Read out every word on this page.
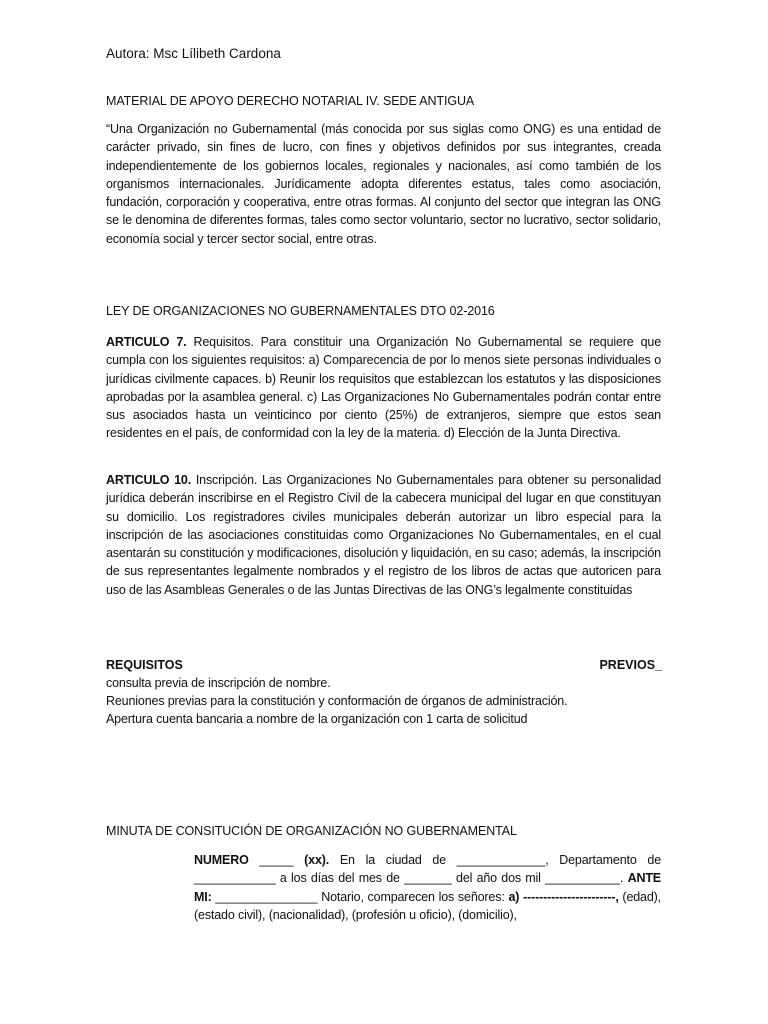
Autora: Msc Lílibeth Cardona
MATERIAL DE APOYO DERECHO NOTARIAL IV. SEDE ANTIGUA
“Una Organización no Gubernamental (más conocida por sus siglas como ONG) es una entidad de carácter privado, sin fines de lucro, con fines y objetivos definidos por sus integrantes, creada independientemente de los gobiernos locales, regionales y nacionales, así como también de los organismos internacionales. Jurídicamente adopta diferentes estatus, tales como asociación, fundación, corporación y cooperativa, entre otras formas. Al conjunto del sector que integran las ONG se le denomina de diferentes formas, tales como sector voluntario, sector no lucrativo, sector solidario, economía social y tercer sector social, entre otras.
LEY DE ORGANIZACIONES NO GUBERNAMENTALES DTO 02-2016
ARTICULO 7. Requisitos. Para constituir una Organización No Gubernamental se requiere que cumpla con los siguientes requisitos: a) Comparecencia de por lo menos siete personas individuales o jurídicas civilmente capaces. b) Reunir los requisitos que establezcan los estatutos y las disposiciones aprobadas por la asamblea general. c) Las Organizaciones No Gubernamentales podrán contar entre sus asociados hasta un veinticinco por ciento (25%) de extranjeros, siempre que estos sean residentes en el país, de conformidad con la ley de la materia. d) Elección de la Junta Directiva.
ARTICULO 10. Inscripción. Las Organizaciones No Gubernamentales para obtener su personalidad jurídica deberán inscribirse en el Registro Civil de la cabecera municipal del lugar en que constituyan su domicilio. Los registradores civiles municipales deberán autorizar un libro especial para la inscripción de las asociaciones constituidas como Organizaciones No Gubernamentales, en el cual asentarán su constitución y modificaciones, disolución y liquidación, en su caso; además, la inscripción de sus representantes legalmente nombrados y el registro de los libros de actas que autoricen para uso de las Asambleas Generales o de las Juntas Directivas de las ONG’s legalmente constituidas
REQUISITOS	PREVIOS_
consulta previa de inscripción de nombre.
Reuniones previas para la constitución y conformación de órganos de administración.
Apertura cuenta bancaria a nombre de la organización con 1 carta de solicitud
MINUTA DE CONSITUCIÓN DE ORGANIZACIÓN NO GUBERNAMENTAL
NUMERO _____ (xx). En la ciudad de _____________, Departamento de ____________ a los días del mes de _______ del año dos mil ___________. ANTE MI: _______________ Notario, comparecen los señores: a) -----------------------, (edad), (estado civil), (nacionalidad), (profesión u oficio), (domicilio),
